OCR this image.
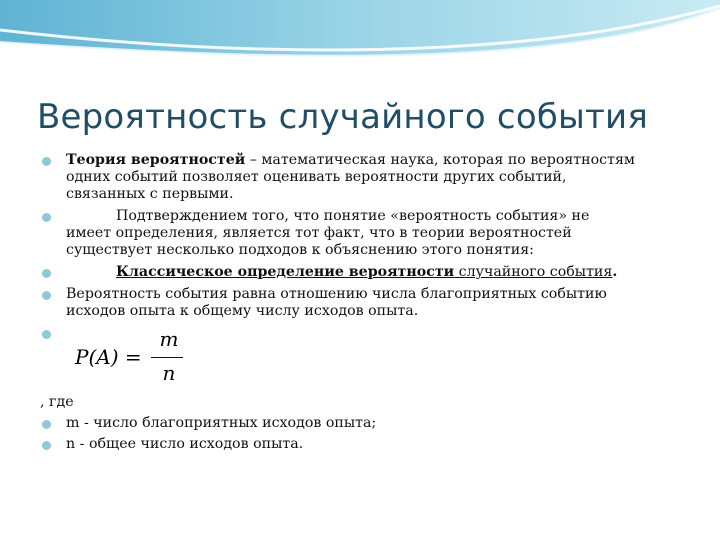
Вероятность случайного события
Теория вероятностей – математическая наука, которая по вероятностям
одних событий позволяет оценивать вероятности других событий,
связанных с первыми.
Подтверждением того, что понятие «вероятность события» не
имеет определения, является тот факт, что в теории вероятностей
существует несколько подходов к объяснению этого понятия:
Классическое определение вероятности случайного события.
Вероятность события равна отношению числа благоприятных событию
исходов опыта к общему числу исходов опыта.

P(A) =
m
n
, где
m - число благоприятных исходов опыта;
n - общее число исходов опыта.
